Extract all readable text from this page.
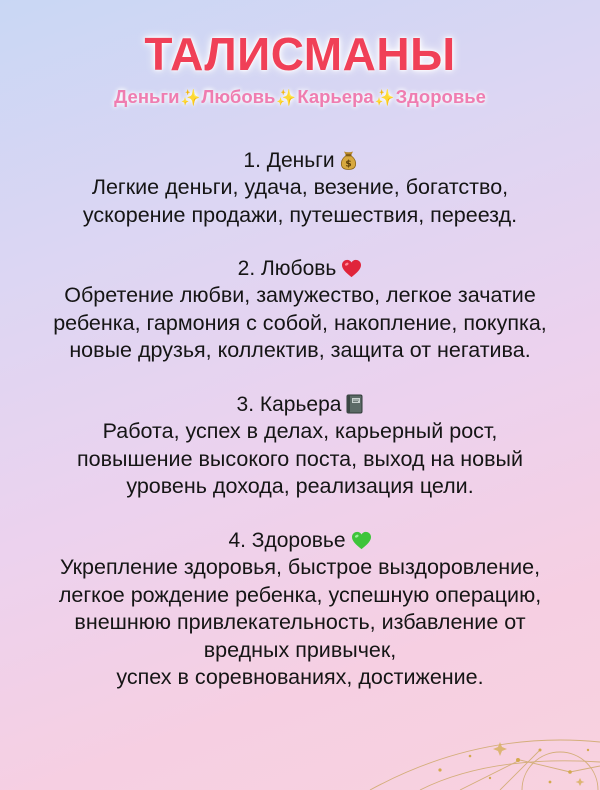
ТАЛИСМАНЫ
Деньги✨Любовь✨Карьера✨Здоровье
1. Деньги $
Легкие деньги, удача, везение, богатство,
ускорение продажи, путешествия, переезд.
2. Любовь
Обретение любви, замужество, легкое зачатие
ребенка, гармония с собой, накопление, покупка,
новые друзья, коллектив, защита от негатива.
3. Карьера
Работа, успех в делах, карьерный рост,
повышение высокого поста, выход на новый
уровень дохода, реализация цели.
4. Здоровье
Укрепление здоровья, быстрое выздоровление,
легкое рождение ребенка, успешную операцию,
внешнюю привлекательность, избавление от
вредных привычек,
успех в соревнованиях, достижение.
